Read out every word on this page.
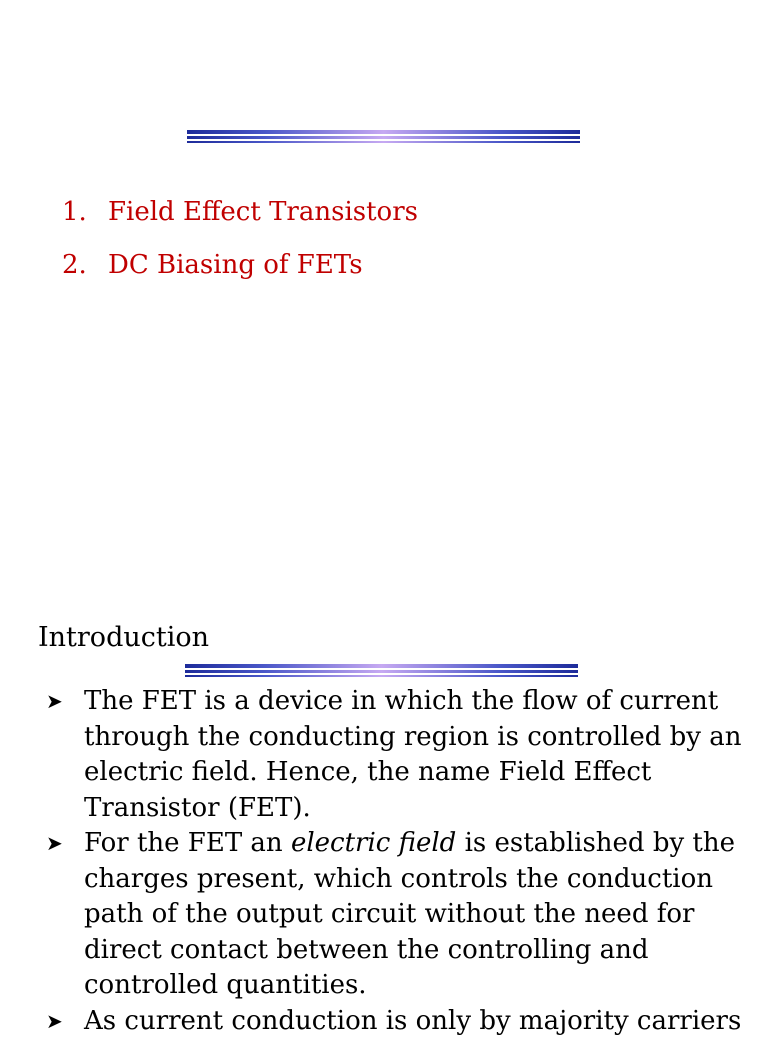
1. Field Effect Transistors
2. DC Biasing of FETs
Introduction
➤ The FET is a device in which the flow of current through the conducting region is controlled by an electric field. Hence, the name Field Effect Transistor (FET).
➤ For the FET an electric field is established by the charges present, which controls the conduction path of the output circuit without the need for direct contact between the controlling and controlled quantities.
➤ As current conduction is only by majority carriers
